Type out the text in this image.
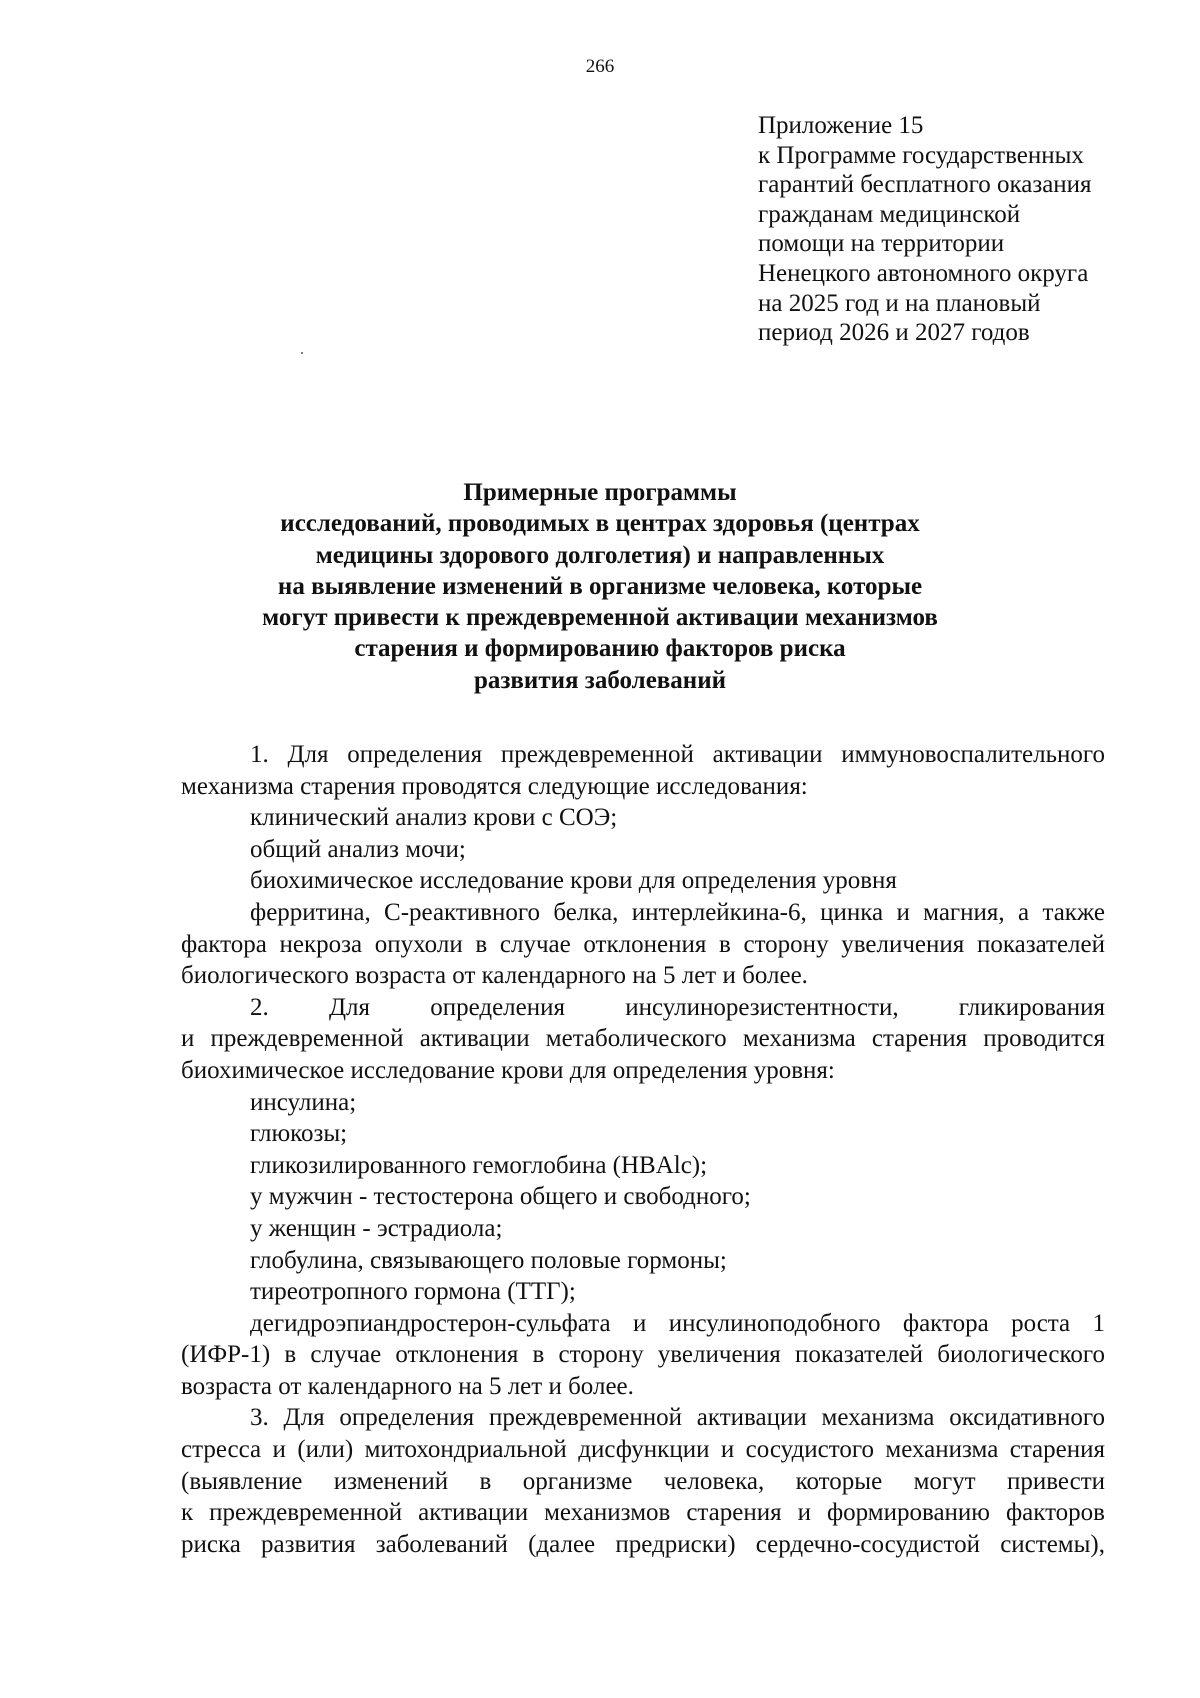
266
Приложение 15
к Программе государственных
гарантий бесплатного оказания
гражданам медицинской
помощи на территории
Ненецкого автономного округа
на 2025 год и на плановый
период 2026 и 2027 годов
Примерные программы
исследований, проводимых в центрах здоровья (центрах
медицины здорового долголетия) и направленных
на выявление изменений в организме человека, которые
могут привести к преждевременной активации механизмов
старения и формированию факторов риска
развития заболеваний
1. Для определения преждевременной активации иммуновоспалительного
механизма старения проводятся следующие исследования:
клинический анализ крови с СОЭ;
общий анализ мочи;
биохимическое исследование крови для определения уровня
ферритина, С-реактивного белка, интерлейкина-6, цинка и магния, а также
фактора некроза опухоли в случае отклонения в сторону увеличения показателей
биологического возраста от календарного на 5 лет и более.
2. Для определения инсулинорезистентности, гликирования
и преждевременной активации метаболического механизма старения проводится
биохимическое исследование крови для определения уровня:
инсулина;
глюкозы;
гликозилированного гемоглобина (HBAlc);
у мужчин - тестостерона общего и свободного;
у женщин - эстрадиола;
глобулина, связывающего половые гормоны;
тиреотропного гормона (ТТГ);
дегидроэпиандростерон-сульфата и инсулиноподобного фактора роста 1
(ИФР-1) в случае отклонения в сторону увеличения показателей биологического
возраста от календарного на 5 лет и более.
3. Для определения преждевременной активации механизма оксидативного
стресса и (или) митохондриальной дисфункции и сосудистого механизма старения
(выявление изменений в организме человека, которые могут привести
к преждевременной активации механизмов старения и формированию факторов
риска развития заболеваний (далее предриски) сердечно-сосудистой системы),
